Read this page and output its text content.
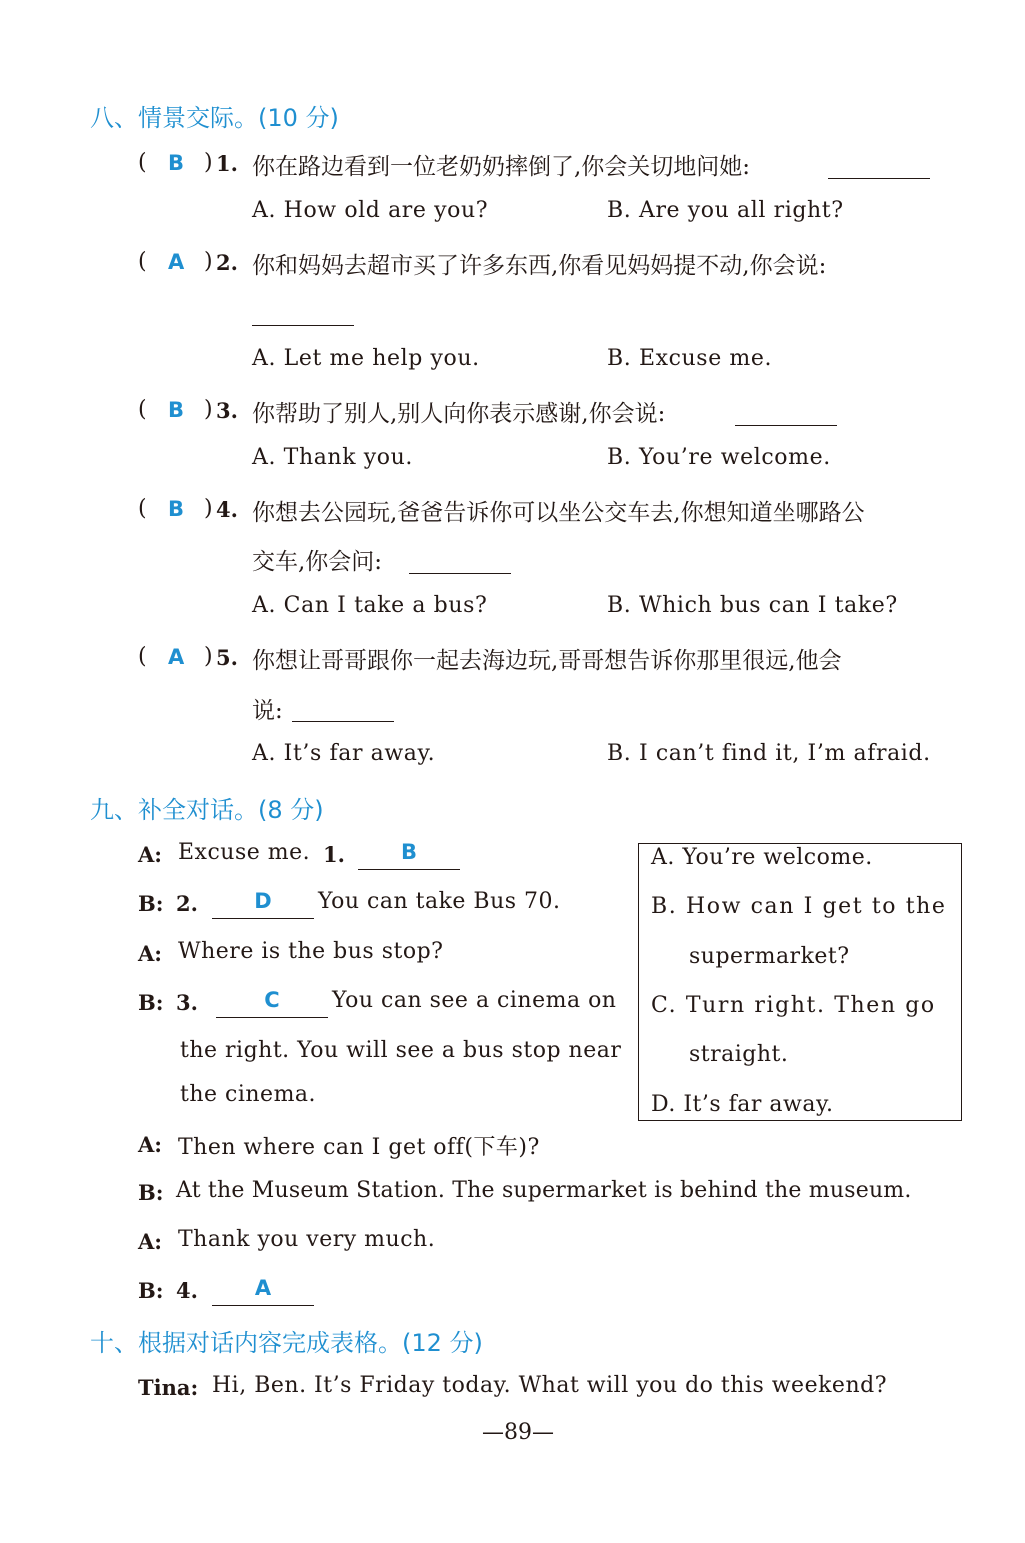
八、情景交际。(10 分)
( B ) 1. 你在路边看到一位老奶奶摔倒了,你会关切地问她:
A. How old are you?	B. Are you all right?
( A ) 2. 你和妈妈去超市买了许多东西,你看见妈妈提不动,你会说:
A. Let me help you.	B. Excuse me.
( B ) 3. 你帮助了别人,别人向你表示感谢,你会说:
A. Thank you.	B. You’re welcome.
( B ) 4. 你想去公园玩,爸爸告诉你可以坐公交车去,你想知道坐哪路公
交车,你会问:
A. Can I take a bus?	B. Which bus can I take?
( A ) 5. 你想让哥哥跟你一起去海边玩,哥哥想告诉你那里很远,他会
说:
A. It’s far away.	B. I can’t find it, I’m afraid.
九、补全对话。(8 分)
A: Excuse me. 1.	B
B: 2.	D	You can take Bus 70.
A: Where is the bus stop?
B: 3.	C	You can see a cinema on
the right. You will see a bus stop near
the cinema.
A. You’re welcome.
B. How can I get to the
supermarket?
C. Turn right. Then go
straight.
D. It’s far away.
A: Then where can I get off(下车)?
B: At the Museum Station. The supermarket is behind the museum.
A: Thank you very much.
B: 4.	A
十、根据对话内容完成表格。(12 分)
Tina: Hi, Ben. It’s Friday today. What will you do this weekend?
—89—
